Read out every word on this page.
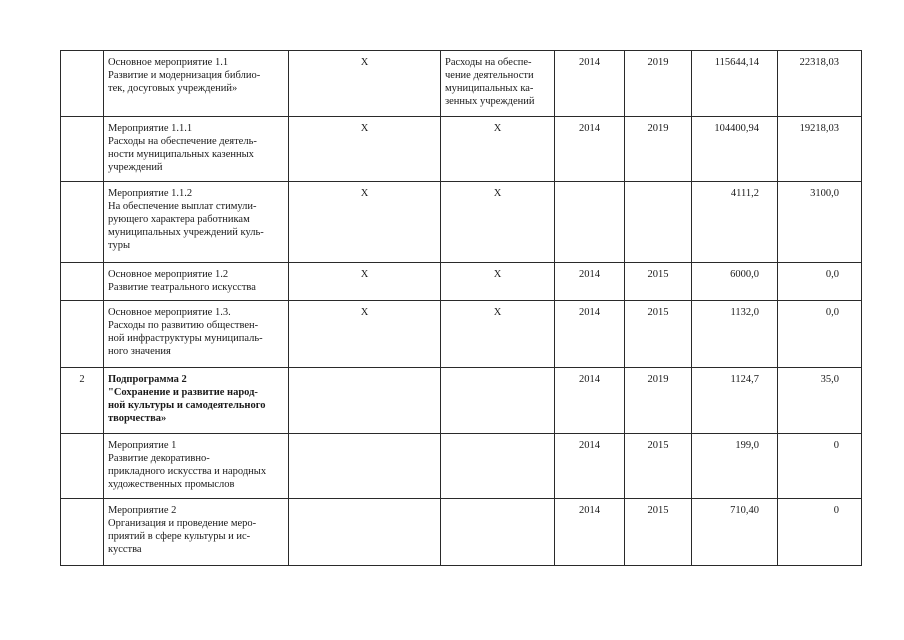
	Основное мероприятие 1.1
Развитие и модернизация библио-
тек, досуговых учреждений»	Х	Расходы на обеспе-
чение деятельности
муниципальных ка-
зенных учреждений	2014	2019	115644,14	22318,03

	Мероприятие 1.1.1
Расходы на обеспечение деятель-
ности муниципальных казенных
учреждений	Х	Х	2014	2019	104400,94	19218,03

	Мероприятие 1.1.2
На обеспечение выплат стимули-
рующего характера работникам
муниципальных учреждений куль-
туры	Х	Х			4111,2	3100,0

	Основное мероприятие 1.2
Развитие театрального искусства	Х	Х	2014	2015	6000,0	0,0

	Основное мероприятие 1.3.
Расходы по развитию обществен-
ной инфраструктуры муниципаль-
ного значения	Х	Х	2014	2015	1132,0	0,0
2	Подпрограмма 2
"Сохранение и развитие народ-
ной культуры и самодеятельного
творчества»			2014	2019	1124,7	35,0

	Мероприятие 1
Развитие декоративно-
прикладного искусства и народных
художественных промыслов			2014	2015	199,0	0

	Мероприятие 2
Организация и проведение меро-
приятий в сфере культуры и ис-
кусства			2014	2015	710,40	0
